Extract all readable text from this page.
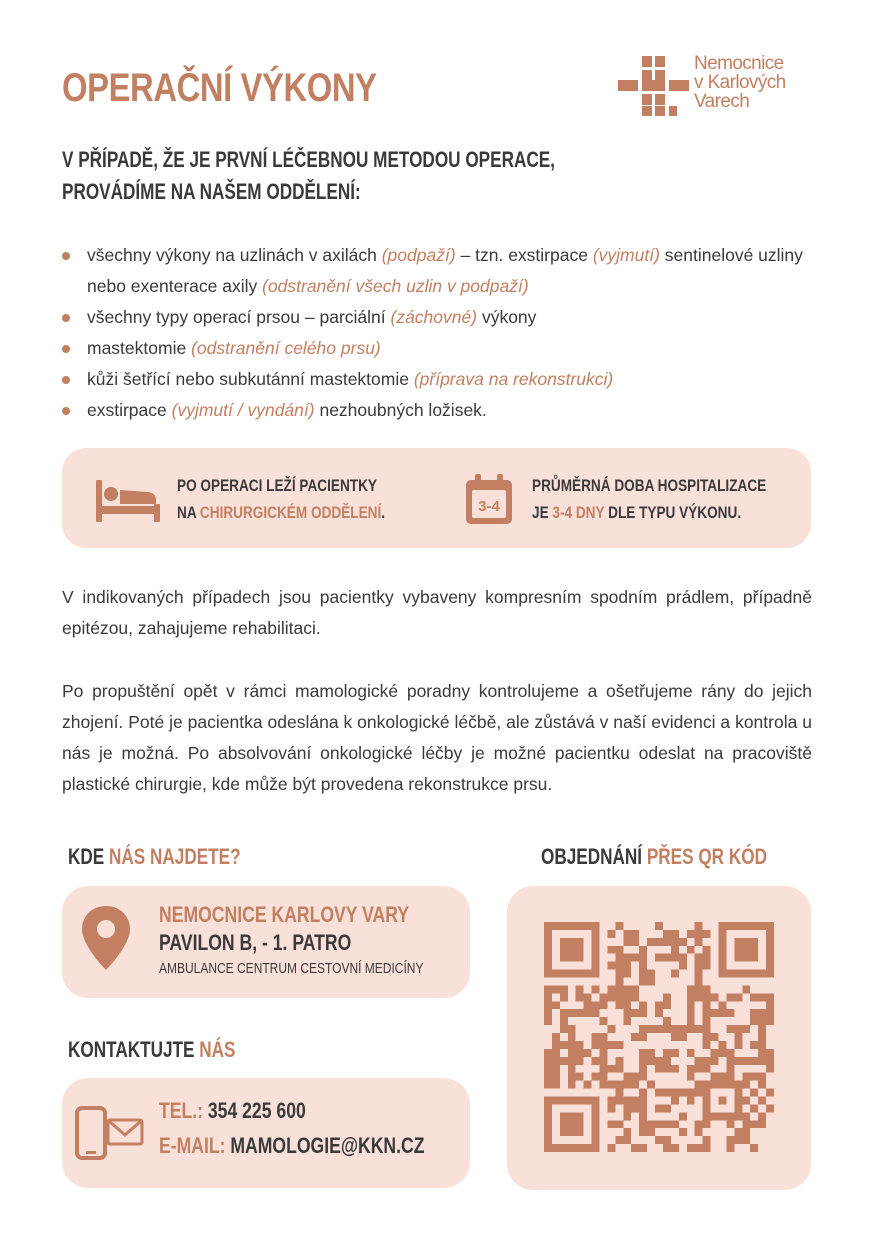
OPERAČNÍ VÝKONY
Nemocnice
v Karlových
Varech
V PŘÍPADĚ, ŽE JE PRVNÍ LÉČEBNOU METODOU OPERACE,
PROVÁDÍME NA NAŠEM ODDĚLENÍ:
všechny výkony na uzlinách v axilách (podpaží) – tzn. exstirpace (vyjmutí) sentinelové uzliny nebo exenterace axily (odstranění všech uzlin v podpaží)
všechny typy operací prsou – parciální (záchovné) výkony
mastektomie (odstranění celého prsu)
kůži šetřící nebo subkutánní mastektomie (příprava na rekonstrukci)
exstirpace (vyjmutí / vyndání) nezhoubných ložisek.
PO OPERACI LEŽÍ PACIENTKY
NA CHIRURGICKÉM ODDĚLENÍ.	3-4
PRŮMĚRNÁ DOBA HOSPITALIZACE
JE 3-4 DNY DLE TYPU VÝKONU.

V indikovaných případech jsou pacientky vybaveny kompresním spodním prádlem, případně epitézou, zahajujeme rehabilitaci.

Po propuštění opět v rámci mamologické poradny kontrolujeme a ošetřujeme rány do jejich zhojení. Poté je pacientka odeslána k onkologické léčbě, ale zůstává v naší evidenci a kontrola u nás je možná. Po absolvování onkologické léčby je možné pacientku odeslat na pracoviště plastické chirurgie, kde může být provedena rekonstrukce prsu.

KDE NÁS NAJDETE?	OBJEDNÁNÍ PŘES QR KÓD
NEMOCNICE KARLOVY VARY
PAVILON B, - 1. PATRO
AMBULANCE CENTRUM CESTOVNÍ MEDICÍNY
KONTAKTUJTE NÁS
TEL.: 354 225 600
E-MAIL: MAMOLOGIE@KKN.CZ
